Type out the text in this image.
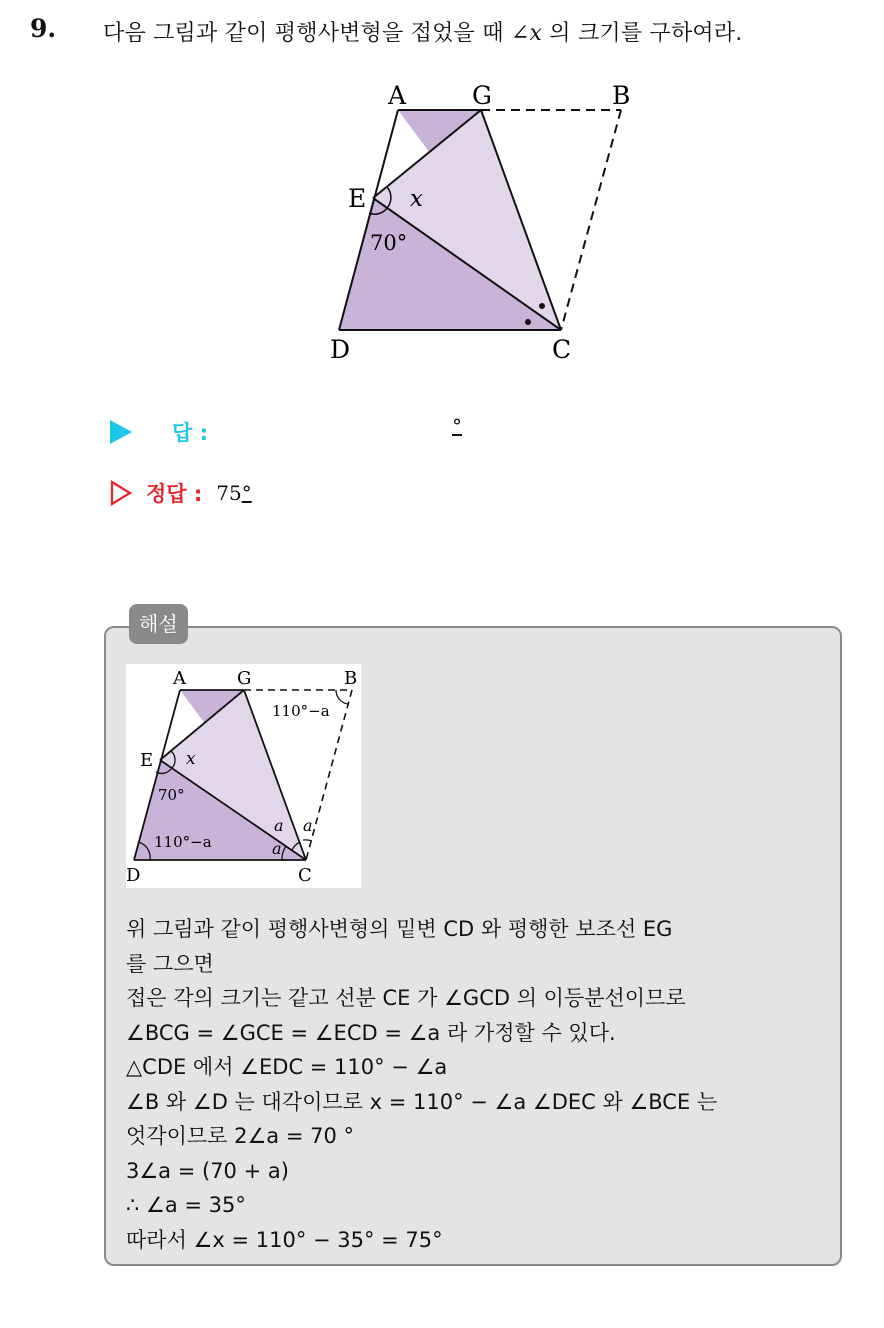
9. 다음 그림과 같이 평행사변형을 접었을 때 ∠x 의 크기를 구하여라.
A	G	B
E
D	C
x
70°
답 :	°
정답 : 75°
해설
A	G	B
E
D	C
x
70°
110°−a
110°−a
a a
a
위 그림과 같이 평행사변형의 밑변 CD 와 평행한 보조선 EG
를 그으면
접은 각의 크기는 같고 선분 CE 가 ∠GCD 의 이등분선이므로
∠BCG = ∠GCE = ∠ECD = ∠a 라 가정할 수 있다.
△CDE 에서 ∠EDC = 110° − ∠a
∠B 와 ∠D 는 대각이므로 x = 110° − ∠a ∠DEC 와 ∠BCE 는
엇각이므로 2∠a = 70 °
3∠a = (70 + a)
∴ ∠a = 35°
따라서 ∠x = 110° − 35° = 75°
